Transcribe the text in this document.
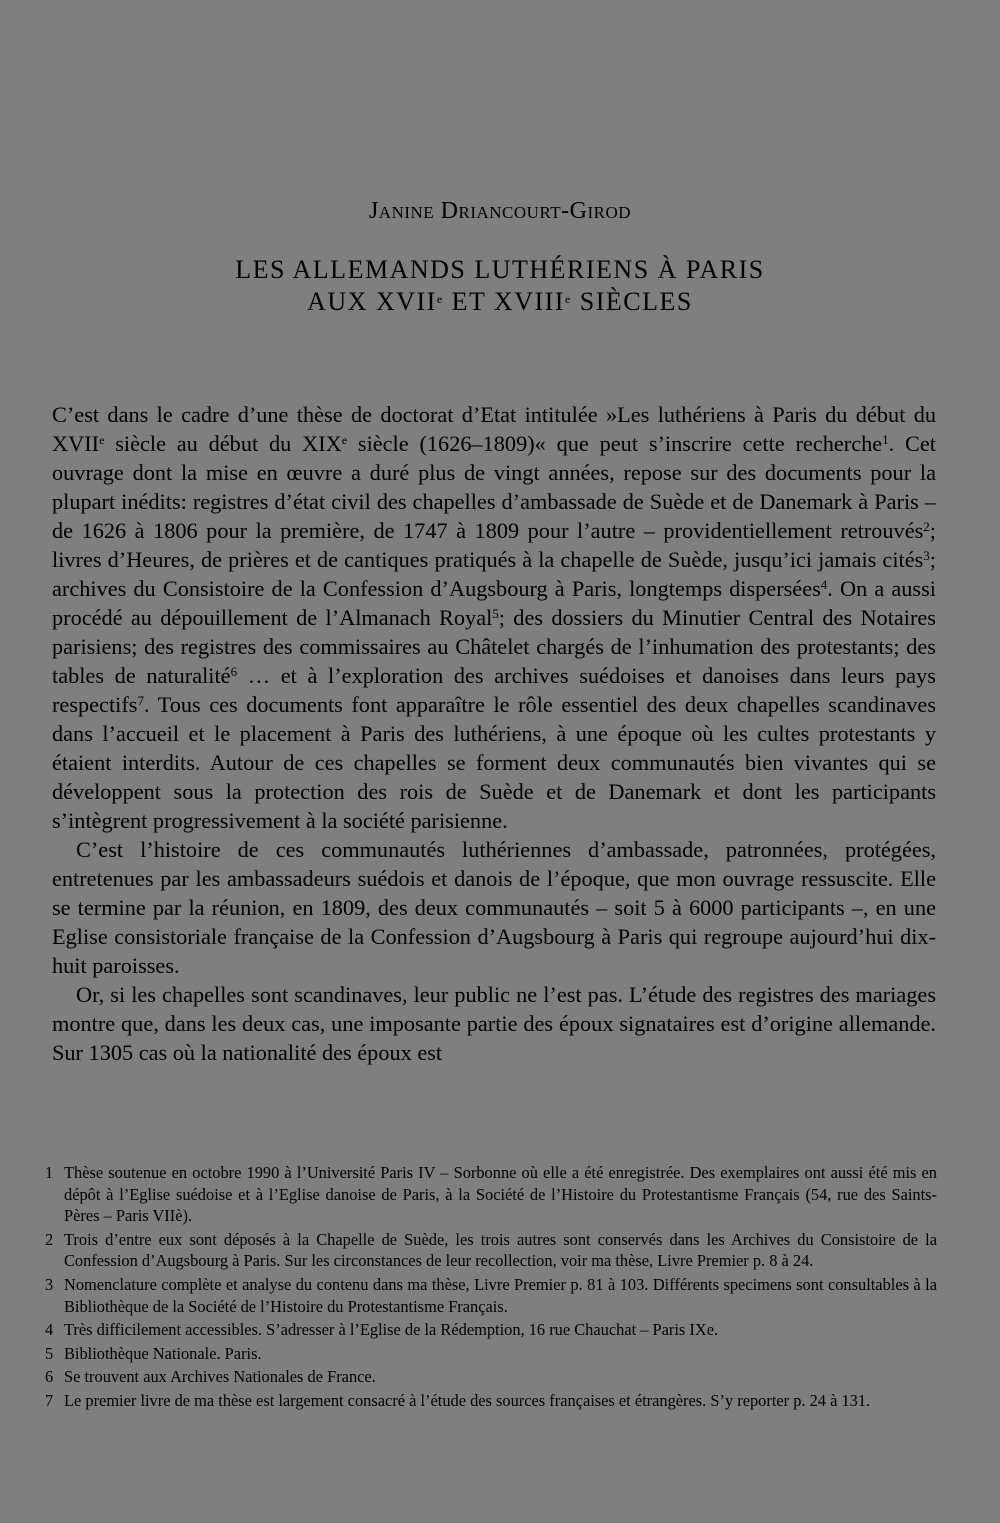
Janine Driancourt-Girod
LES ALLEMANDS LUTHÉRIENS À PARIS
AUX XVIIe ET XVIIIe SIÈCLES

C’est dans le cadre d’une thèse de doctorat d’Etat intitulée »Les luthériens à Paris du début du XVIIe siècle au début du XIXe siècle (1626–1809)« que peut s’inscrire cette recherche$^1$. Cet ouvrage dont la mise en œuvre a duré plus de vingt années, repose sur des documents pour la plupart inédits: registres d’état civil des chapelles d’ambassade de Suède et de Danemark à Paris – de 1626 à 1806 pour la première, de 1747 à 1809 pour l’autre – providentiellement retrouvés$^2$; livres d’Heures, de prières et de cantiques pratiqués à la chapelle de Suède, jusqu’ici jamais cités$^3$; archives du Consistoire de la Confession d’Augsbourg à Paris, longtemps dispersées$^4$. On a aussi procédé au dépouillement de l’Almanach Royal$^5$; des dossiers du Minutier Central des Notaires parisiens; des registres des commissaires au Châtelet chargés de l’inhumation des protestants; des tables de naturalité$^6$ … et à l’exploration des archives suédoises et danoises dans leurs pays respectifs$^7$. Tous ces documents font apparaître le rôle essentiel des deux chapelles scandinaves dans l’accueil et le placement à Paris des luthériens, à une époque où les cultes protestants y étaient interdits. Autour de ces chapelles se forment deux communautés bien vivantes qui se développent sous la protection des rois de Suède et de Danemark et dont les participants s’intègrent progressivement à la société parisienne.

C’est l’histoire de ces communautés luthériennes d’ambassade, patronnées, protégées, entretenues par les ambassadeurs suédois et danois de l’époque, que mon ouvrage ressuscite. Elle se termine par la réunion, en 1809, des deux communautés – soit 5 à 6000 participants –, en une Eglise consistoriale française de la Confession d’Augsbourg à Paris qui regroupe aujourd’hui dix-huit paroisses.

Or, si les chapelles sont scandinaves, leur public ne l’est pas. L’étude des registres des mariages montre que, dans les deux cas, une imposante partie des époux signataires est d’origine allemande. Sur 1305 cas où la nationalité des époux est

1 Thèse soutenue en octobre 1990 à l’Université Paris IV – Sorbonne où elle a été enregistrée. Des exemplaires ont aussi été mis en dépôt à l’Eglise suédoise et à l’Eglise danoise de Paris, à la Société de l’Histoire du Protestantisme Français (54, rue des Saints-Pères – Paris VIIè).
2 Trois d’entre eux sont déposés à la Chapelle de Suède, les trois autres sont conservés dans les Archives du Consistoire de la Confession d’Augsbourg à Paris. Sur les circonstances de leur recollection, voir ma thèse, Livre Premier p. 8 à 24.
3 Nomenclature complète et analyse du contenu dans ma thèse, Livre Premier p. 81 à 103. Différents specimens sont consultables à la Bibliothèque de la Société de l’Histoire du Protestantisme Français.
4 Très difficilement accessibles. S’adresser à l’Eglise de la Rédemption, 16 rue Chauchat – Paris IXe.
5 Bibliothèque Nationale. Paris.
6 Se trouvent aux Archives Nationales de France.
7 Le premier livre de ma thèse est largement consacré à l’étude des sources françaises et étrangères. S’y reporter p. 24 à 131.
